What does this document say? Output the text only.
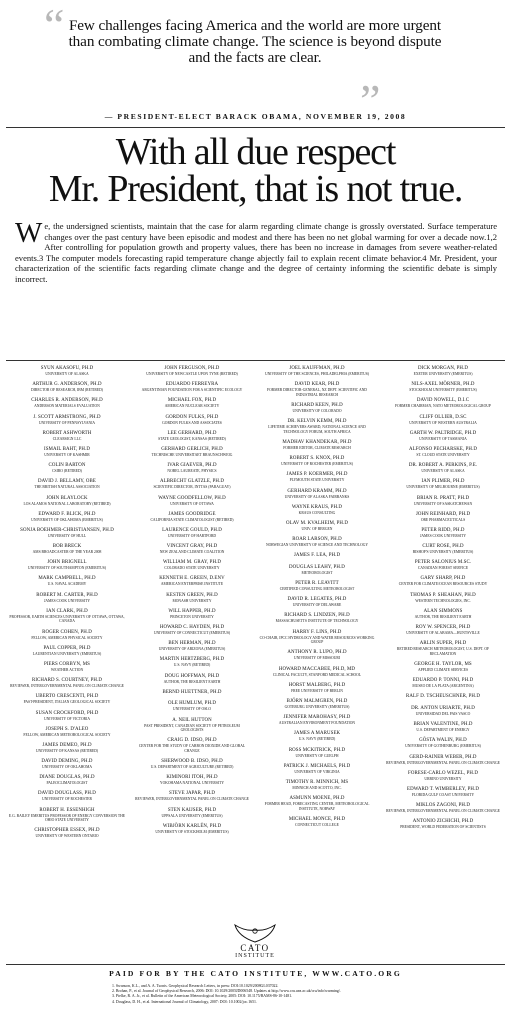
“ Few challenges facing America and the world are more urgent than combating climate change. The science is beyond dispute and the facts are clear.
”
— PRESIDENT-ELECT BARACK OBAMA, NOVEMBER 19, 2008
With all due respect
Mr. President, that is not true.
We, the undersigned scientists, maintain that the case for alarm regarding climate change is grossly overstated. Surface temperature changes over the past century have been episodic and modest and there has been no net global warming for over a decade now.1,2 After controlling for population growth and property values, there has been no increase in damages from severe weather-related events.3 The computer models forecasting rapid temperature change abjectly fail to explain recent climate behavior.4 Mr. President, your characterization of the scientific facts regarding climate change and the degree of certainty informing the scientific debate is simply incorrect.
SYUN AKASOFU, PH.D
UNIVERSITY OF ALASKA
ARTHUR G. ANDERSON, PH.D
DIRECTOR OF RESEARCH, IBM (RETIRED)
CHARLES R. ANDERSON, PH.D
ANDERSON MATERIALS EVALUATION
J. SCOTT ARMSTRONG, PH.D
UNIVERSITY OF PENNSYLVANIA
ROBERT ASHWORTH
CLEARSIGN LLC
ISMAIL BAHT, PH.D
UNIVERSITY OF KASHMIR
COLIN BARTON
CSIRO (RETIRED)
DAVID J. BELLAMY, OBE
THE BRITISH NATURAL ASSOCIATION
JOHN BLAYLOCK
LOS ALAMOS NATIONAL LABORATORY (RETIRED)
EDWARD F. BLICK, PH.D
UNIVERSITY OF OKLAHOMA (EMERITUS)
SONJA BOEHMER-CHRISTIANSEN, PH.D
UNIVERSITY OF HULL
BOB BRECK
AMS BROADCASTER OF THE YEAR 2008
JOHN BRIGNELL
UNIVERSITY OF SOUTHAMPTON (EMERITUS)
MARK CAMPBELL, PH.D
U.S. NAVAL ACADEMY
ROBERT M. CARTER, PH.D
JAMES COOK UNIVERSITY
IAN CLARK, PH.D
PROFESSOR, EARTH SCIENCES UNIVERSITY OF OTTAWA, OTTAWA, CANADA
ROGER COHEN, PH.D
FELLOW, AMERICAN PHYSICAL SOCIETY
PAUL COPPER, PH.D
LAURENTIAN UNIVERSITY (EMERITUS)
PIERS CORBYN, MS
WEATHER ACTION
RICHARD S. COURTNEY, PH.D
REVIEWER, INTERGOVERNMENTAL PANEL ON CLIMATE CHANGE
UBERTO CRESCENTI, PH.D
PAST-PRESIDENT, ITALIAN GEOLOGICAL SOCIETY
SUSAN CROCKFORD, PH.D
UNIVERSITY OF VICTORIA
JOSEPH S. D'ALEO
FELLOW, AMERICAN METEOROLOGICAL SOCIETY
JAMES DEMEO, PH.D
UNIVERSITY OF KANSAS (RETIRED)
DAVID DEMING, PH.D
UNIVERSITY OF OKLAHOMA
DIANE DOUGLAS, PH.D
PALEOCLIMATOLOGIST
DAVID DOUGLASS, PH.D
UNIVERSITY OF ROCHESTER
ROBERT H. ESSENHIGH
E.G. BAILEY EMERITUS PROFESSOR OF ENERGY CONVERSION THE OHIO STATE UNIVERSITY
CHRISTOPHER ESSEX, PH.D
UNIVERSITY OF WESTERN ONTARIO
JOHN FERGUSON, PH.D
UNIVERSITY OF NEWCASTLE UPON TYNE (RETIRED)
EDUARDO FERREYRA
ARGENTINIAN FOUNDATION FOR A SCIENTIFIC ECOLOGY
MICHAEL FOX, PH.D
AMERICAN NUCLEAR SOCIETY
GORDON FULKS, PH.D
GORDON FULKS AND ASSOCIATES
LEE GERHARD, PH.D
STATE GEOLOGIST, KANSAS (RETIRED)
GERHARD GERLICH, PH.D
TECHNISCHE UNIVERSITAET BRAUNSCHWEIG
IVAR GIAEVER, PH.D
NOBEL LAUREATE, PHYSICS
ALBRECHT GLATZLE, PH.D
SCIENTIFIC DIRECTOR, INTTAS (PARAGUAY)
WAYNE GOODFELLOW, PH.D
UNIVERSITY OF OTTAWA
JAMES GOODRIDGE
CALIFORNIA STATE CLIMATOLOGIST (RETIRED)
LAURENCE GOULD, PH.D
UNIVERSITY OF HARTFORD
VINCENT GRAY, PH.D
NEW ZEALAND CLIMATE COALITION
WILLIAM M. GRAY, PH.D
COLORADO STATE UNIVERSITY
KENNETH E. GREEN, D.ENV
AMERICAN ENTERPRISE INSTITUTE
KESTEN GREEN, PH.D
MONASH UNIVERSITY
WILL HAPPER, PH.D
PRINCETON UNIVERSITY
HOWARD C. HAYDEN, PH.D
UNIVERSITY OF CONNECTICUT (EMERITUS)
BEN HERMAN, PH.D
UNIVERSITY OF ARIZONA (EMERITUS)
MARTIN HERTZBERG, PH.D
U.S. NAVY (RETIRED)
DOUG HOFFMAN, PH.D
AUTHOR, THE RESILIENT EARTH
BERND HUETTNER, PH.D
OLE HUMLUM, PH.D
UNIVERSITY OF OSLO
A. NEIL HUTTON
PAST PRESIDENT, CANADIAN SOCIETY OF PETROLEUM GEOLOGISTS
CRAIG D. IDSO, PH.D
CENTER FOR THE STUDY OF CARBON DIOXIDE AND GLOBAL CHANGE
SHERWOOD B. IDSO, PH.D
U.S. DEPARTMENT OF AGRICULTURE (RETIRED)
KIMINORI ITOH, PH.D
YOKOHAMA NATIONAL UNIVERSITY
STEVE JAPAR, PH.D
REVIEWER, INTERGOVERNMENTAL PANEL ON CLIMATE CHANGE
STEN KAIJSER, PH.D
UPPSALA UNIVERSITY (EMERITUS)
WIBJÖRN KARLÉN, PH.D
UNIVERSITY OF STOCKHOLM (EMERITUS)
JOEL KAUFFMAN, PH.D
UNIVERSITY OF THE SCIENCES, PHILADELPHIA (EMERITUS)
DAVID KEAR, PH.D
FORMER DIRECTOR-GENERAL, NZ DEPT. SCIENTIFIC AND INDUSTRIAL RESEARCH
RICHARD KEEN, PH.D
UNIVERSITY OF COLORADO
DR. KELVIN KEMM, PH.D
LIFETIME ACHIEVERS AWARD, NATIONAL SCIENCE AND TECHNOLOGY FORUM, SOUTH AFRICA
MADHAV KHANDEKAR, PH.D
FORMER EDITOR, CLIMATE RESEARCH
ROBERT S. KNOX, PH.D
UNIVERSITY OF ROCHESTER (EMERITUS)
JAMES P. KOERMER, PH.D
PLYMOUTH STATE UNIVERSITY
GERHARD KRAMM, PH.D
UNIVERSITY OF ALASKA FAIRBANKS
WAYNE KRAUS, PH.D
KRAUS CONSULTING
OLAV M. KVALHEIM, PH.D
UNIV. OF BERGEN
ROAR LARSON, PH.D
NORWEGIAN UNIVERSITY OF SCIENCE AND TECHNOLOGY
JAMES F. LEA, PH.D
DOUGLAS LEAHY, PH.D
METEOROLOGIST
PETER R. LEAVITT
CERTIFIED CONSULTING METEOROLOGIST
DAVID R. LEGATES, PH.D
UNIVERSITY OF DELAWARE
RICHARD S. LINDZEN, PH.D
MASSACHUSETTS INSTITUTE OF TECHNOLOGY
HARRY F. LINS, PH.D
CO-CHAIR, IPCC HYDROLOGY AND WATER RESOURCES WORKING GROUP
ANTHONY R. LUPO, PH.D
UNIVERSITY OF MISSOURI
HOWARD MACCABEE, PH.D, MD
CLINICAL FACULTY, STANFORD MEDICAL SCHOOL
HORST MALBERG, PH.D
FREE UNIVERSITY OF BERLIN
BJÖRN MALMGREN, PH.D
GOTEBURG UNIVERSITY (EMERITUS)
JENNIFER MAROHASY, PH.D
AUSTRALIAN ENVIRONMENT FOUNDATION
JAMES A MARUSEK
U.S. NAVY (RETIRED)
ROSS MCKITRICK, PH.D
UNIVERSITY OF GUELPH
PATRICK J. MICHAELS, PH.D
UNIVERSITY OF VIRGINIA
TIMOTHY R. MINNICH, MS
MINNICH AND SCOTTO, INC.
ASMUNN MOENE, PH.D
FORMER HEAD, FORECASTING CENTER, METEOROLOGICAL INSTITUTE, NORWAY
MICHAEL MONCE, PH.D
CONNECTICUT COLLEGE
DICK MORGAN, PH.D
EXETER UNIVERSITY (EMERITUS)
NILS-AXEL MÖRNER, PH.D
STOCKHOLM UNIVERSITY (EMERITUS)
DAVID NOWELL, D.I.C
FORMER CHAIRMAN, NATO METEOROLOGICAL GROUP
CLIFF OLLIER, D.SC
UNIVERSITY OF WESTERN AUSTRALIA
GARTH W. PALTRIDGE, PH.D
UNIVERSITY OF TASMANIA
ALFONSO PECHARSKE, PH.D
ST. CLOUD STATE UNIVERSITY
DR. ROBERT A. PERKINS, P.E.
UNIVERSITY OF ALASKA
IAN PLIMER, PH.D
UNIVERSITY OF MELBOURNE (EMERITUS)
BRIAN R. PRATT, PH.D
UNIVERSITY OF SASKATCHEWAN
JOHN REINHARD, PH.D
ORE PHARMACEUTICALS
PETER RIDD, PH.D
JAMES COOK UNIVERSITY
CURT ROSE, PH.D
BISHOP'S UNIVERSITY (EMERITUS)
PETER SALONIUS M.SC.
CANADIAN FOREST SERVICE
GARY SHARP, PH.D
CENTER FOR CLIMATE/OCEAN RESOURCES STUDY
THOMAS P. SHEAHAN, PH.D
WESTERN TECHNOLOGIES, INC.
ALAN SIMMONS
AUTHOR, THE RESILIENT EARTH
ROY W. SPENCER, PH.D
UNIVERSITY OF ALABAMA—HUNTSVILLE
ARLIN SUPER, PH.D
RETIRED RESEARCH METEOROLOGIST, U.S. DEPT. OF RECLAMATION
GEORGE H. TAYLOR, MS
APPLIED CLIMATE SERVICES
EDUARDO P. TONNI, PH.D
MUSEO DE LA PLATA (ARGENTINA)
RALF D. TSCHEUSCHNER, PH.D
DR. ANTON URIARTE, PH.D
UNIVERSIDAD DEL PAIS VASCO
BRIAN VALENTINE, PH.D
U.S. DEPARTMENT OF ENERGY
GÖSTA WALIN, PH.D
UNIVERSITY OF GOTHENBURG (EMERITUS)
GERD-RAINER WEBER, PH.D
REVIEWER, INTERGOVERNMENTAL PANEL ON CLIMATE CHANGE
FORESE-CARLO WEZEL, PH.D
URBINO UNIVERSITY
EDWARD T. WIMBERLEY, PH.D
FLORIDA GULF COAST UNIVERSITY
MIKLOS ZAGONI, PH.D
REVIEWER, INTERGOVERNMENTAL PANEL ON CLIMATE CHANGE
ANTONIO ZICHICHI, PH.D
PRESIDENT, WORLD FEDERATION OF SCIENTISTS
CATO
INSTITUTE
PAID FOR BY THE CATO INSTITUTE, WWW.CATO.ORG
1. Swanson, K.L., and A. A. Tsonis. Geophysical Research Letters, in press: DOI:10.1029/2008GL037022.
2. Brohan, P., et al. Journal of Geophysical Research, 2006: DOI: 10.1029/2005JD006548. Updates at http://www.cru.uea.ac.uk/cru/info/warming/.
3. Pielke, R. A. Jr., et al. Bulletin of the American Meteorological Society, 2005: DOI: 10.1175/BAMS-86-10-1481.
4. Douglass, D. H., et al. International Journal of Climatology, 2007: DOI: 10.1002/joc.1651.
